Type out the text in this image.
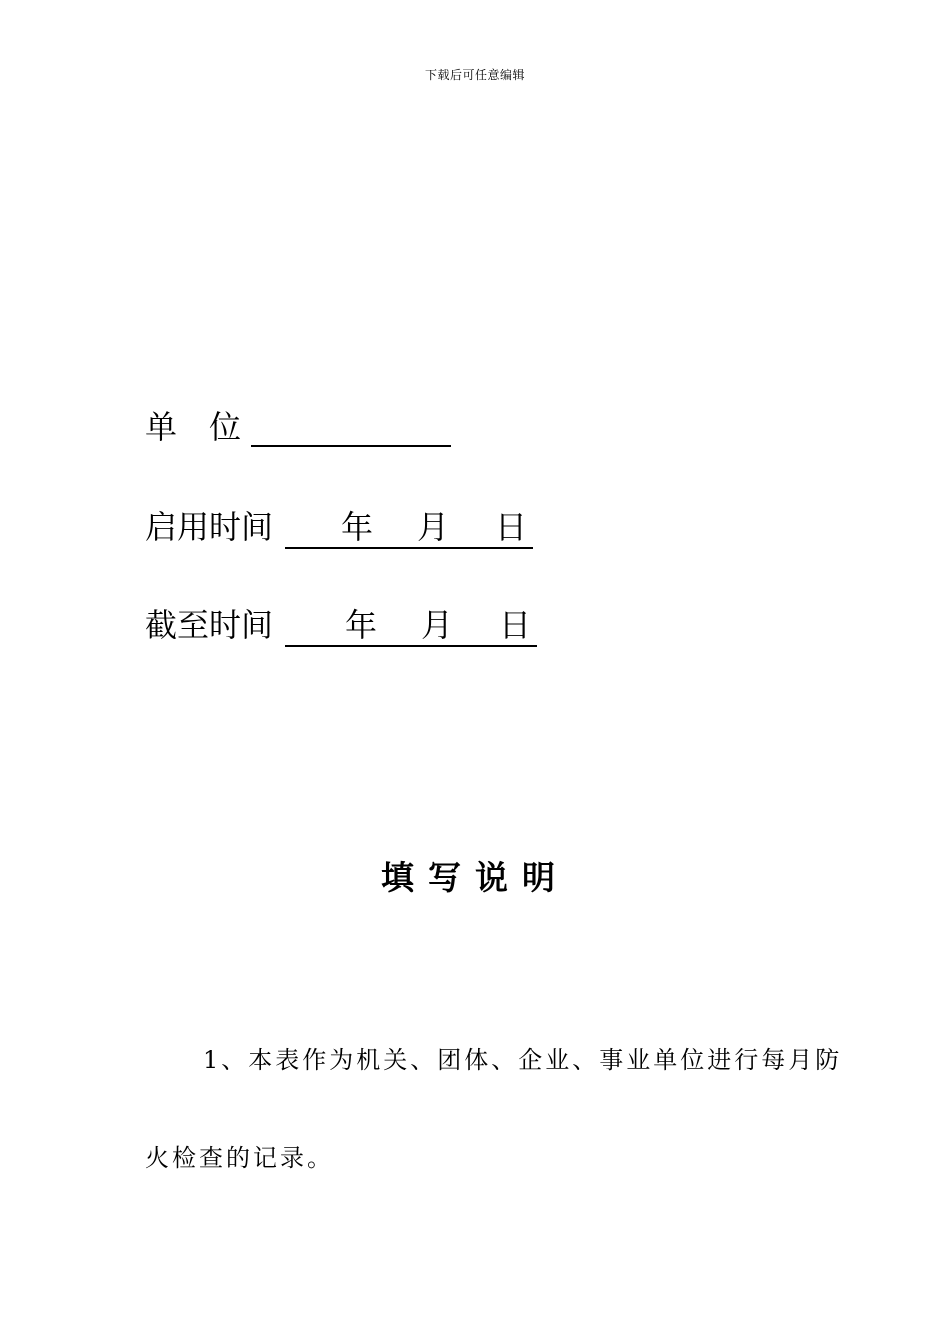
下载后可任意编辑
单位
启用时间 年 月 日
截至时间 年 月 日
填写说明
1、本表作为机关、团体、企业、事业单位进行每月防
火检查的记录。
